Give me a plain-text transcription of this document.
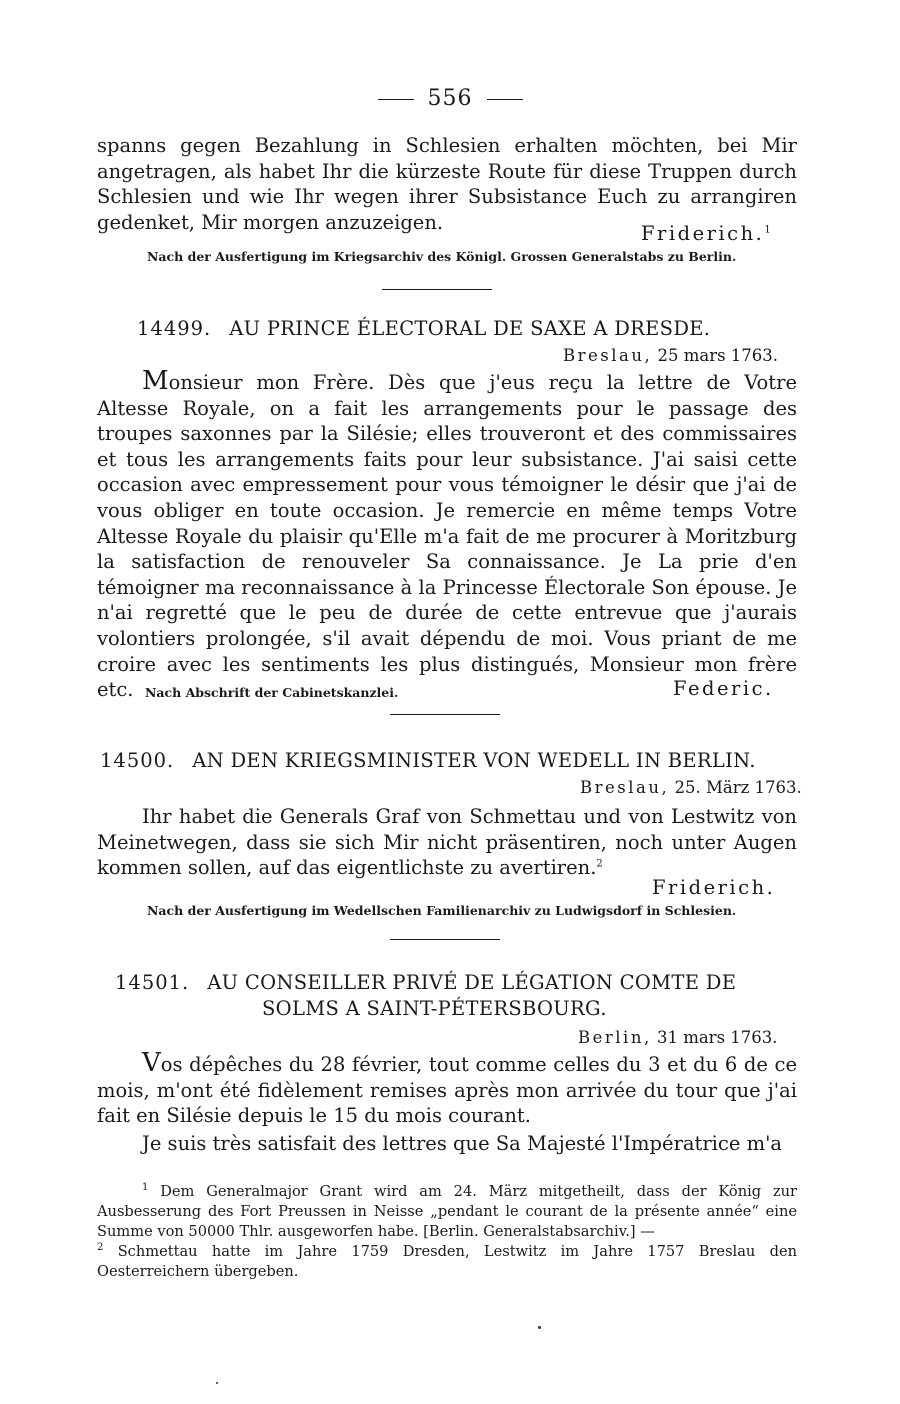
556
spanns gegen Bezahlung in Schlesien erhalten möchten, bei Mir angetragen, als habet Ihr die kürzeste Route für diese Truppen durch Schlesien und wie Ihr wegen ihrer Subsistance Euch zu arrangiren gedenket, Mir morgen anzuzeigen.	Friderich.$^1$
Nach der Ausfertigung im Kriegsarchiv des Königl. Grossen Generalstabs zu Berlin.
14499. AU PRINCE ÉLECTORAL DE SAXE A DRESDE.
Breslau, 25 mars 1763.
Monsieur mon Frère. Dès que j'eus reçu la lettre de Votre Altesse Royale, on a fait les arrangements pour le passage des troupes saxonnes par la Silésie; elles trouveront et des commissaires et tous les arrangements faits pour leur subsistance. J'ai saisi cette occasion avec empressement pour vous témoigner le désir que j'ai de vous obliger en toute occasion. Je remercie en même temps Votre Altesse Royale du plaisir qu'Elle m'a fait de me procurer à Moritzburg la satisfaction de renouveler Sa connaissance. Je La prie d'en témoigner ma reconnaissance à la Princesse Électorale Son épouse. Je n'ai regretté que le peu de durée de cette entrevue que j'aurais volontiers prolongée, s'il avait dépendu de moi. Vous priant de me croire avec les sentiments les plus distingués, Monsieur mon frère etc. Nach Abschrift der Cabinetskanzlei.	Federic.
14500. AN DEN KRIEGSMINISTER VON WEDELL IN BERLIN.
Breslau, 25. März 1763.
Ihr habet die Generals Graf von Schmettau und von Lestwitz von Meinetwegen, dass sie sich Mir nicht präsentiren, noch unter Augen kommen sollen, auf das eigentlichste zu avertiren.$^2$
Friderich.
Nach der Ausfertigung im Wedellschen Familienarchiv zu Ludwigsdorf in Schlesien.
14501. AU CONSEILLER PRIVÉ DE LÉGATION COMTE DE
SOLMS A SAINT-PÉTERSBOURG.
Berlin, 31 mars 1763.
Vos dépêches du 28 février, tout comme celles du 3 et du 6 de ce mois, m'ont été fidèlement remises après mon arrivée du tour que j'ai fait en Silésie depuis le 15 du mois courant.
Je suis très satisfait des lettres que Sa Majesté l'Impératrice m'a
$^1$ Dem Generalmajor Grant wird am 24. März mitgetheilt, dass der König zur Ausbesserung des Fort Preussen in Neisse „pendant le courant de la présente année“ eine Summe von 50000 Thlr. ausgeworfen habe. [Berlin. Generalstabsarchiv.] —
$^2$ Schmettau hatte im Jahre 1759 Dresden, Lestwitz im Jahre 1757 Breslau den Oesterreichern übergeben.
